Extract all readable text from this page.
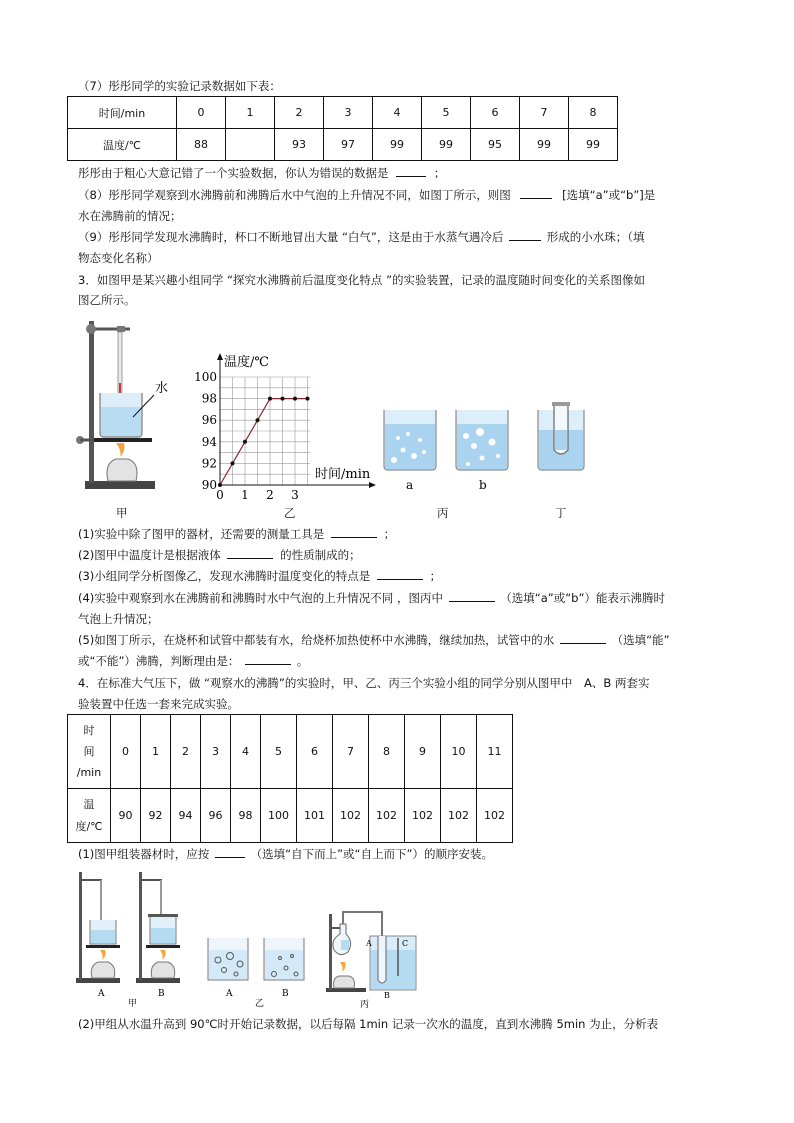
（7）彤彤同学的实验记录数据如下表：
时间/min	0	1	2	3	4	5	6	7	8
温度/℃	88		93	97	99	99	95	99	99
彤彤由于粗心大意记错了一个实验数据，你认为错误的数据是	；
（8）彤彤同学观察到水沸腾前和沸腾后水中气泡的上升情况不同，如图丁所示，则图	[选填“a”或“b”]是
水在沸腾前的情况；
（9）彤彤同学发现水沸腾时，杯口不断地冒出大量 “白气”，这是由于水蒸气遇冷后	形成的小水珠；（填
物态变化名称）
3．如图甲是某兴趣小组同学 “探究水沸腾前后温度变化特点 ”的实验装置，记录的温度随时间变化的关系图像如
图乙所示。
水
甲
温度/℃
时间/min
90
92
94
96
98
100
0 1 2 3
乙
a	b
丙	丁
(1)实验中除了图甲的器材，还需要的测量工具是	；
(2)图甲中温度计是根据液体	的性质制成的；
(3)小组同学分析图像乙，发现水沸腾时温度变化的特点是	；
(4)实验中观察到水在沸腾前和沸腾时水中气泡的上升情况不同 ，图丙中	（选填“a”或“b”）能表示沸腾时
气泡上升情况；
(5)如图丁所示，在烧杯和试管中都装有水，给烧杯加热使杯中水沸腾，继续加热，试管中的水	（选填“能”
或“不能”）沸腾，判断理由是：	。
4．在标准大气压下，做 “观察水的沸腾”的实验时，甲、乙、丙三个实验小组的同学分别从图甲中 A、B 两套实
验装置中任选一套来完成实验。
时
间
/min	0	1	2	3	4	5	6	7	8	9	10	11
温
度/℃	90	92	94	96	98	100	101	102	102	102	102	102
(1)图甲组装器材时，应按	（选填“自下而上”或“自上而下”）的顺序安装。
A	B
甲
A	B
乙
A	C
B
丙
(2)甲组从水温升高到 90℃时开始记录数据，以后每隔 1min 记录一次水的温度，直到水沸腾 5min 为止，分析表
